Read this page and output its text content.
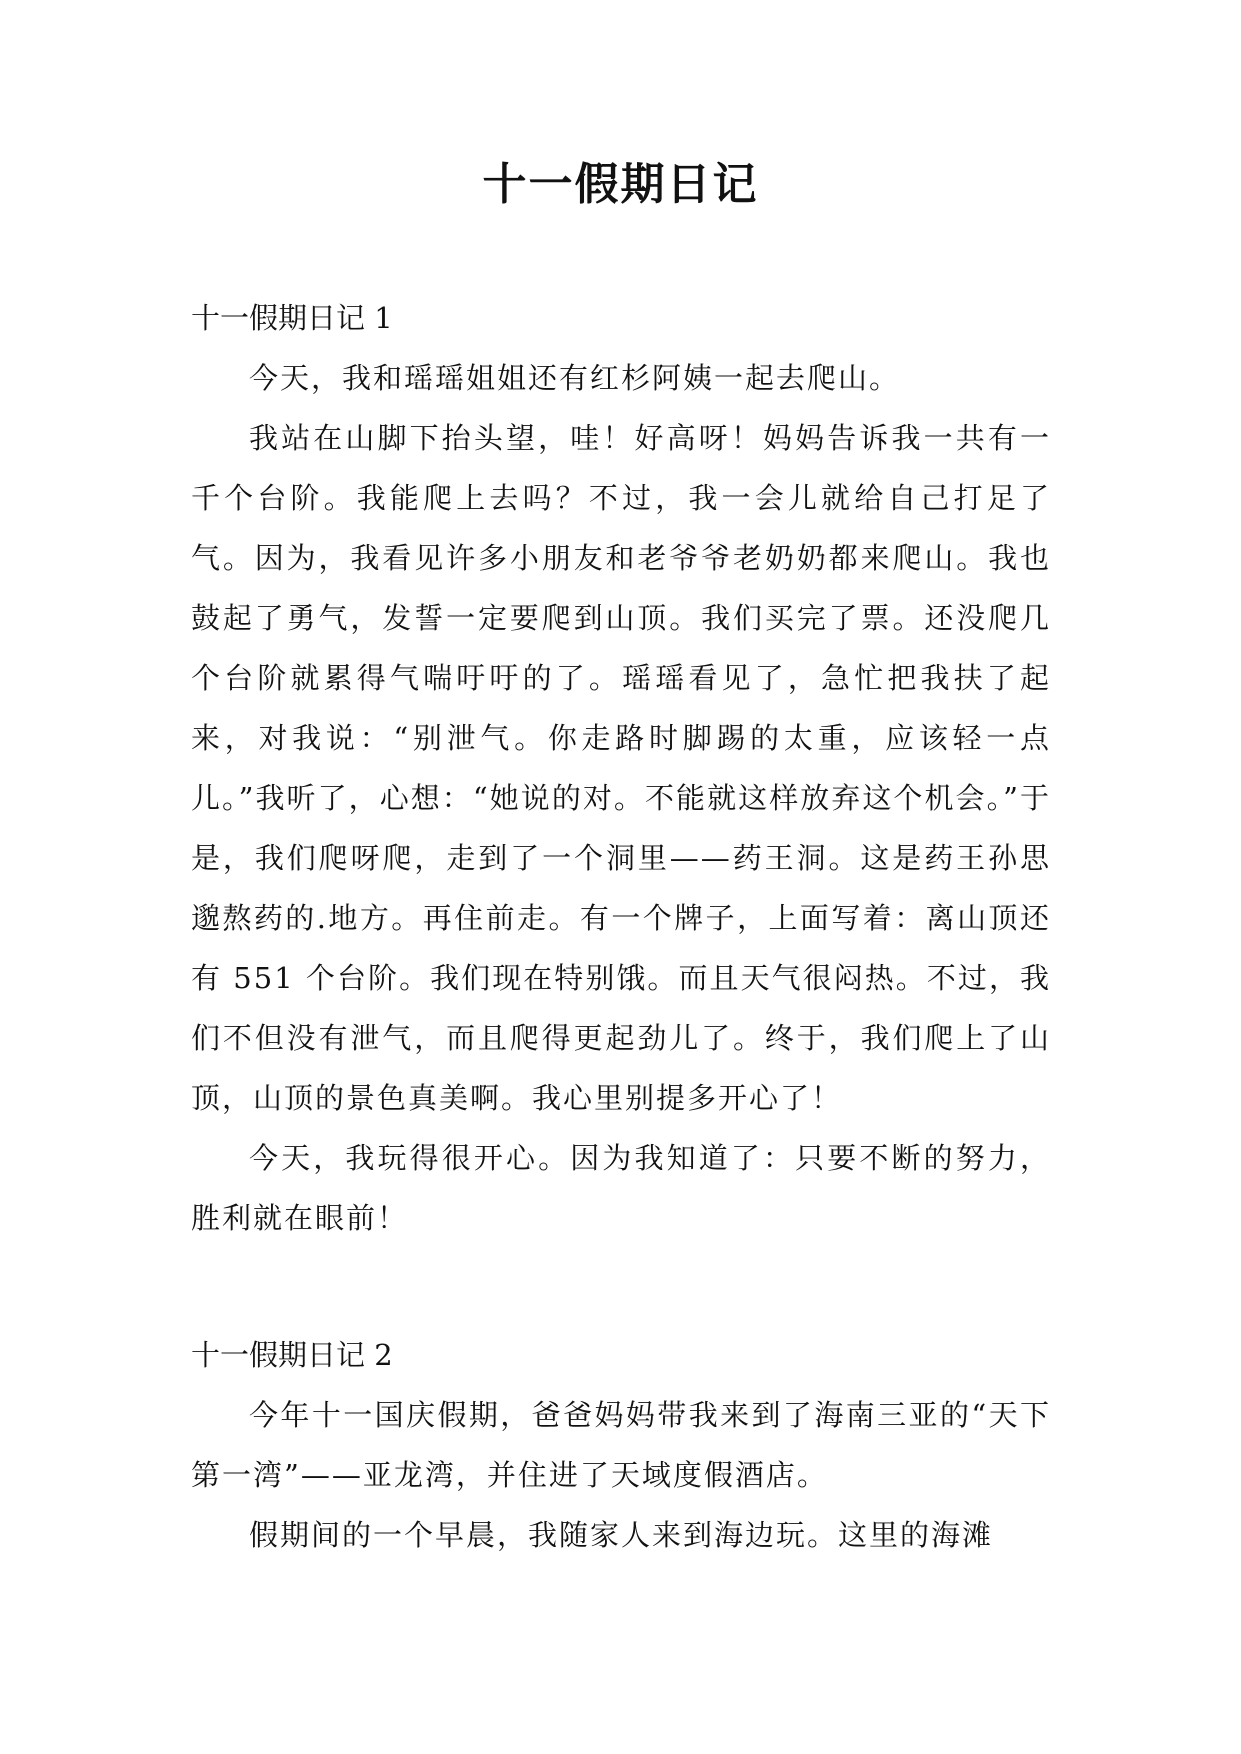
十一假期日记

十一假期日记 1

今天，我和瑶瑶姐姐还有红杉阿姨一起去爬山。

我站在山脚下抬头望，哇！好高呀！妈妈告诉我一共有一千个台阶。我能爬上去吗？不过，我一会儿就给自己打足了气。因为，我看见许多小朋友和老爷爷老奶奶都来爬山。我也鼓起了勇气，发誓一定要爬到山顶。我们买完了票。还没爬几个台阶就累得气喘吁吁的了。瑶瑶看见了，急忙把我扶了起来，对我说：“别泄气。你走路时脚踢的太重，应该轻一点儿。”我听了，心想：“她说的对。不能就这样放弃这个机会。”于是，我们爬呀爬，走到了一个洞里——药王洞。这是药王孙思邈熬药的.地方。再住前走。有一个牌子，上面写着：离山顶还有 551 个台阶。我们现在特别饿。而且天气很闷热。不过，我们不但没有泄气，而且爬得更起劲儿了。终于，我们爬上了山顶，山顶的景色真美啊。我心里别提多开心了！

今天，我玩得很开心。因为我知道了：只要不断的努力，胜利就在眼前！

十一假期日记 2

今年十一国庆假期，爸爸妈妈带我来到了海南三亚的“天下第一湾”——亚龙湾，并住进了天域度假酒店。

假期间的一个早晨，我随家人来到海边玩。这里的海滩
